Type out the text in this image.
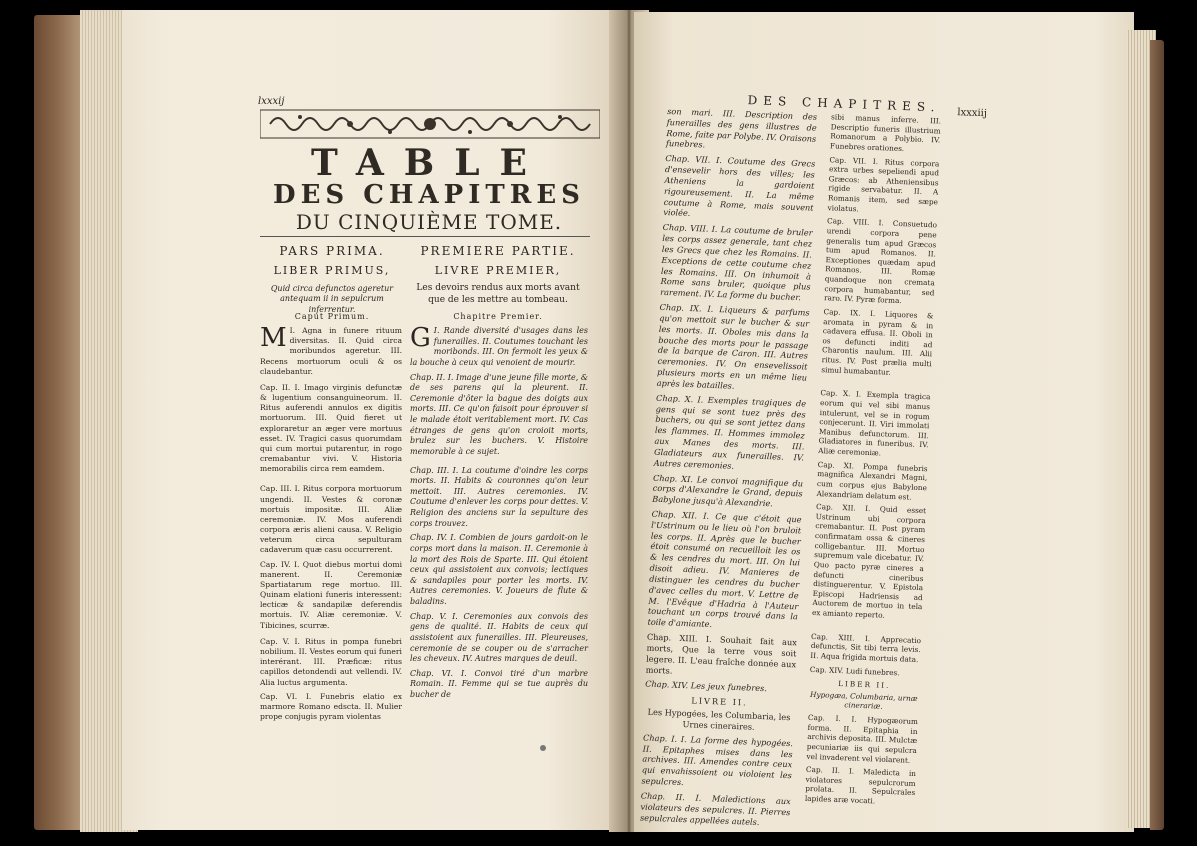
lxxxij
TABLE
DES CHAPITRES
DU CINQUIÈME TOME.
PARS PRIMA.	PREMIERE PARTIE.
LIBER PRIMUS,	LIVRE PREMIER,
Quid circa defunctos ageretur antequam ii in sepulcrum inferrentur.
Les devoirs rendus aux morts avant que de les mettre au tombeau.
Caput Primum.	Chapitre Premier.
M I. Agna in funere rituum diversitas. II. Quid circa moribundos ageretur. III. Recens mortuorum oculi & os claudebantur.
Cap. II. I. Imago virginis defunctæ & lugentium consanguineorum. II. Ritus auferendi annulos ex digitis mortuorum. III. Quid fieret ut exploraretur an æger vere mortuus esset. IV. Tragici casus quorumdam qui cum mortui putarentur, in rogo cremabantur vivi. V. Historia memorabilis circa rem eamdem.
Cap. III. I. Ritus corpora mortuorum ungendi. II. Vestes & coronæ mortuis impositæ. III. Aliæ ceremoniæ. IV. Mos auferendi corpora æris alieni causa. V. Religio veterum circa sepulturam cadaverum quæ casu occurrerent.
Cap. IV. I. Quot diebus mortui domi manerent. II. Ceremoniæ Spartiatarum rege mortuo. III. Quinam elationi funeris interessent: lecticæ & sandapilæ deferendis mortuis. IV. Aliæ ceremoniæ. V. Tibicines, scurræ.
Cap. V. I. Ritus in pompa funebri nobilium. II. Vestes eorum qui funeri interérant. III. Præficæ: ritus capillos detondendi aut vellendi. IV. Alia luctus argumenta.
Cap. VI. I. Funebris elatio ex marmore Romano edscta. II. Mulier prope conjugis pyram violentas
G I. Rande diversité d'usages dans les funerailles. II. Coutumes touchant les moribonds. III. On fermoit les yeux & la bouche à ceux qui venoient de mourir.
Chap. II. I. Image d'une jeune fille morte, & de ses parens qui la pleurent. II. Ceremonie d'ôter la bague des doigts aux morts. III. Ce qu'on faisoit pour éprouver si le malade étoit veritablement mort. IV. Cas étranges de gens qu'on croioit morts, brulez sur les buchers. V. Histoire memorable à ce sujet.
Chap. III. I. La coutume d'oindre les corps morts. II. Habits & couronnes qu'on leur mettoit. III. Autres ceremonies. IV. Coutume d'enlever les corps pour dettes. V. Religion des anciens sur la sepulture des corps trouvez.
Chap. IV. I. Combien de jours gardoit-on le corps mort dans la maison. II. Ceremonie à la mort des Rois de Sparte. III. Qui étoient ceux qui assistoient aux convois; lectiques & sandapiles pour porter les morts. IV. Autres ceremonies. V. Joueurs de flute & baladins.
Chap. V. I. Ceremonies aux convois des gens de qualité. II. Habits de ceux qui assistoient aux funerailles. III. Pleureuses, ceremonie de se couper ou de s'arracher les cheveux. IV. Autres marques de deuil.
Chap. VI. I. Convoi tiré d'un marbre Romain. II. Femme qui se tue auprès du bucher de
DES CHAPITRES. lxxxiij
son mari. III. Description des funerailles des gens illustres de Rome, faite par Polybe. IV. Oraisons funebres.
Chap. VII. I. Coutume des Grecs d'ensevelir hors des villes; les Atheniens la gardoient rigoureusement. II. La même coutume à Rome, mais souvent violée.
Chap. VIII. I. La coutume de bruler les corps assez generale, tant chez les Grecs que chez les Romains. II. Exceptions de cette coutume chez les Romains. III. On inhumoit à Rome sans bruler, quoique plus rarement. IV. La forme du bucher.
Chap. IX. I. Liqueurs & parfums qu'on mettoit sur le bucher & sur les morts. II. Oboles mis dans la bouche des morts pour le passage de la barque de Caron. III. Autres ceremonies. IV. On ensevelissoit plusieurs morts en un même lieu après les batailles.
Chap. X. I. Exemples tragiques de gens qui se sont tuez près des buchers, ou qui se sont jettez dans les flammes. II. Hommes immolez aux Manes des morts. III. Gladiateurs aux funerailles. IV. Autres ceremonies.
Chap. XI. Le convoi magnifique du corps d'Alexandre le Grand, depuis Babylone jusqu'à Alexandrie.
Chap. XII. I. Ce que c'étoit que l'Ustrinum ou le lieu où l'on bruloit les corps. II. Après que le bucher étoit consumé on recueilloit les os & les cendres du mort. III. On lui disoit adieu. IV. Manieres de distinguer les cendres du bucher d'avec celles du mort. V. Lettre de M. l'Evêque d'Hadria à l'Auteur touchant un corps trouvé dans la toile d'amiante.
Chap. XIII. I. Souhait fait aux morts, Que la terre vous soit legere. II. L'eau fraîche donnée aux morts.
Chap. XIV. Les jeux funebres.
LIVRE II.
Les Hypogées, les Columbaria, les Urnes cineraires.
Chap. I. I. La forme des hypogées. II. Epitaphes mises dans les archives. III. Amendes contre ceux qui envahissoient ou violoient les sepulcres.
Chap. II. I. Maledictions aux violateurs des sepulcres. II. Pierres sepulcrales appellées autels.
sibi manus inferre. III. Descriptio funeris illustrium Romanorum a Polybio. IV. Funebres orationes.
Cap. VII. I. Ritus corpora extra urbes sepeliendi apud Græcos: ab Atheniensibus rigide servabatur. II. A Romanis item, sed sæpe violatus.
Cap. VIII. I. Consuetudo urendi corpora pene generalis tum apud Græcos tum apud Romanos. II. Exceptiones quædam apud Romanos. III. Romæ quandoque non cremata corpora humabantur, sed raro. IV. Pyræ forma.
Cap. IX. I. Liquores & aromata in pyram & in cadavera effusa. II. Oboli in os defuncti inditi ad Charontis naulum. III. Alii ritus. IV. Post prælia multi simul humabantur.
Cap. X. I. Exempla tragica eorum qui vel sibi manus intulerunt, vel se in rogum conjecerunt. II. Viri immolati Manibus defunctorum. III. Gladiatores in funeribus. IV. Aliæ ceremoniæ.
Cap. XI. Pompa funebris magnifica Alexandri Magni, cum corpus ejus Babylone Alexandriam delatum est.
Cap. XII. I. Quid esset Ustrinum ubi corpora cremabantur. II. Post pyram confirmatam ossa & cineres colligebantur. III. Mortuo supremum vale dicebatur. IV. Quo pacto pyræ cineres a defuncti cineribus distinguerentur. V. Epistola Episcopi Hadriensis ad Auctorem de mortuo in tela ex amianto reperto.
Cap. XIII. I. Apprecatio defunctis, Sit tibi terra levis. II. Aqua frigida mortuis data.
Cap. XIV. Ludi funebres.
LIBER II.
Hypogæa, Columbaria, urnæ cinerariæ.
Cap. I. I. Hypogæorum forma. II. Epitaphia in archivis deposita. III. Mulctæ pecuniariæ iis qui sepulcra vel invaderent vel violarent.
Cap. II. I. Maledicta in violatores sepulcrorum prolata. II. Sepulcrales lapides aræ vocati.
